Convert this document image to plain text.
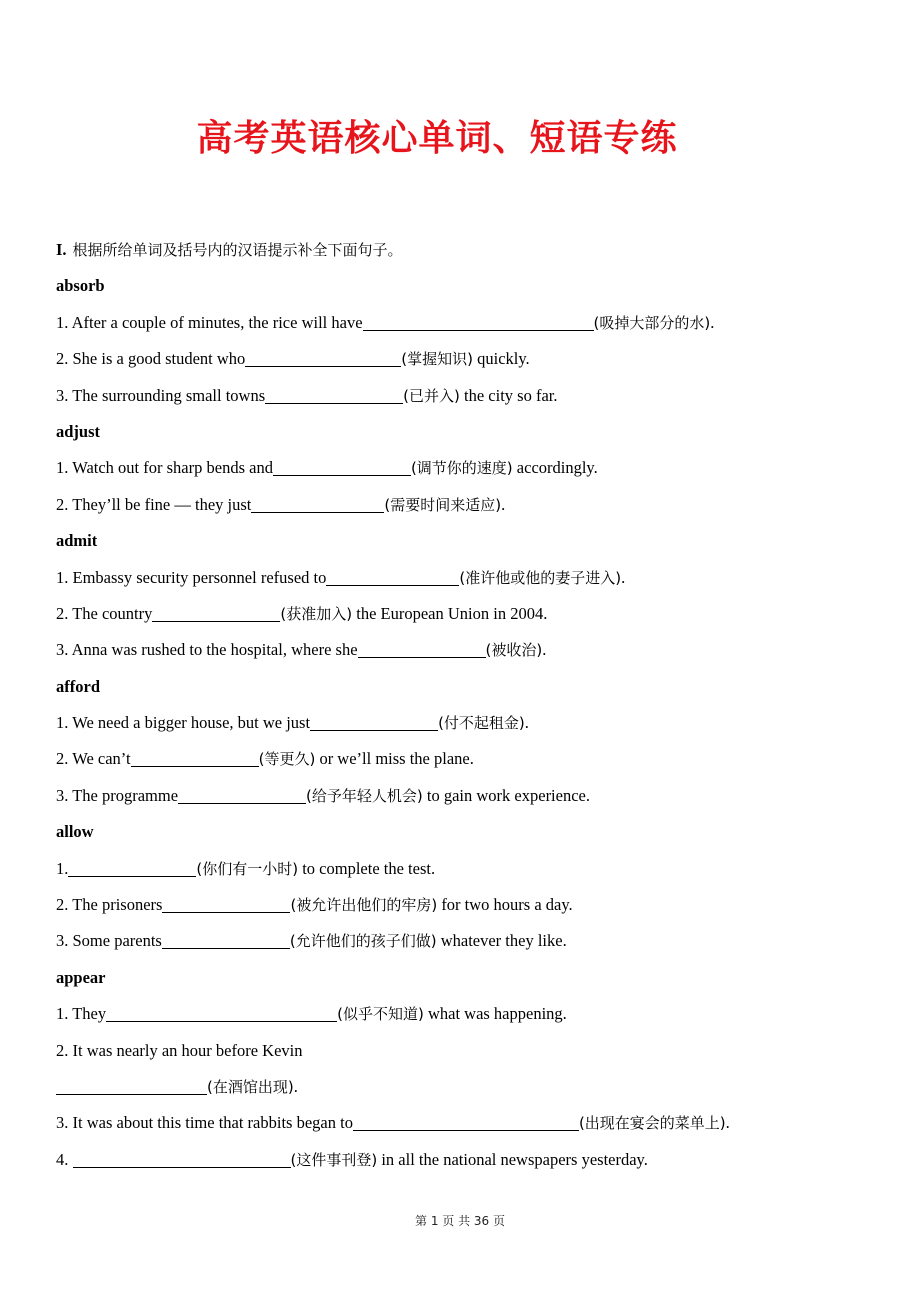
高考英语核心单词、短语专练
I. 根据所给单词及括号内的汉语提示补全下面句子。
absorb
1. After a couple of minutes, the rice will have	(吸掉大部分的水).
2. She is a good student who	(掌握知识) quickly.
3. The surrounding small towns	(已并入) the city so far.
adjust
1. Watch out for sharp bends and	(调节你的速度) accordingly.
2. They’ll be fine — they just	(需要时间来适应).
admit
1. Embassy security personnel refused to	(准许他或他的妻子进入).
2. The country	(获准加入) the European Union in 2004.
3. Anna was rushed to the hospital, where she	(被收治).
afford
1. We need a bigger house, but we just	(付不起租金).
2. We can’t	(等更久) or we’ll miss the plane.
3. The programme	(给予年轻人机会) to gain work experience.
allow
1.	(你们有一小时) to complete the test.
2. The prisoners	(被允许出他们的牢房) for two hours a day.
3. Some parents	(允许他们的孩子们做) whatever they like.
appear
1. They	(似乎不知道) what was happening.
2. It was nearly an hour before Kevin
(在酒馆出现).
3. It was about this time that rabbits began to	(出现在宴会的菜单上).
4.	(这件事刊登) in all the national newspapers yesterday.
第 1 页 共 36 页
